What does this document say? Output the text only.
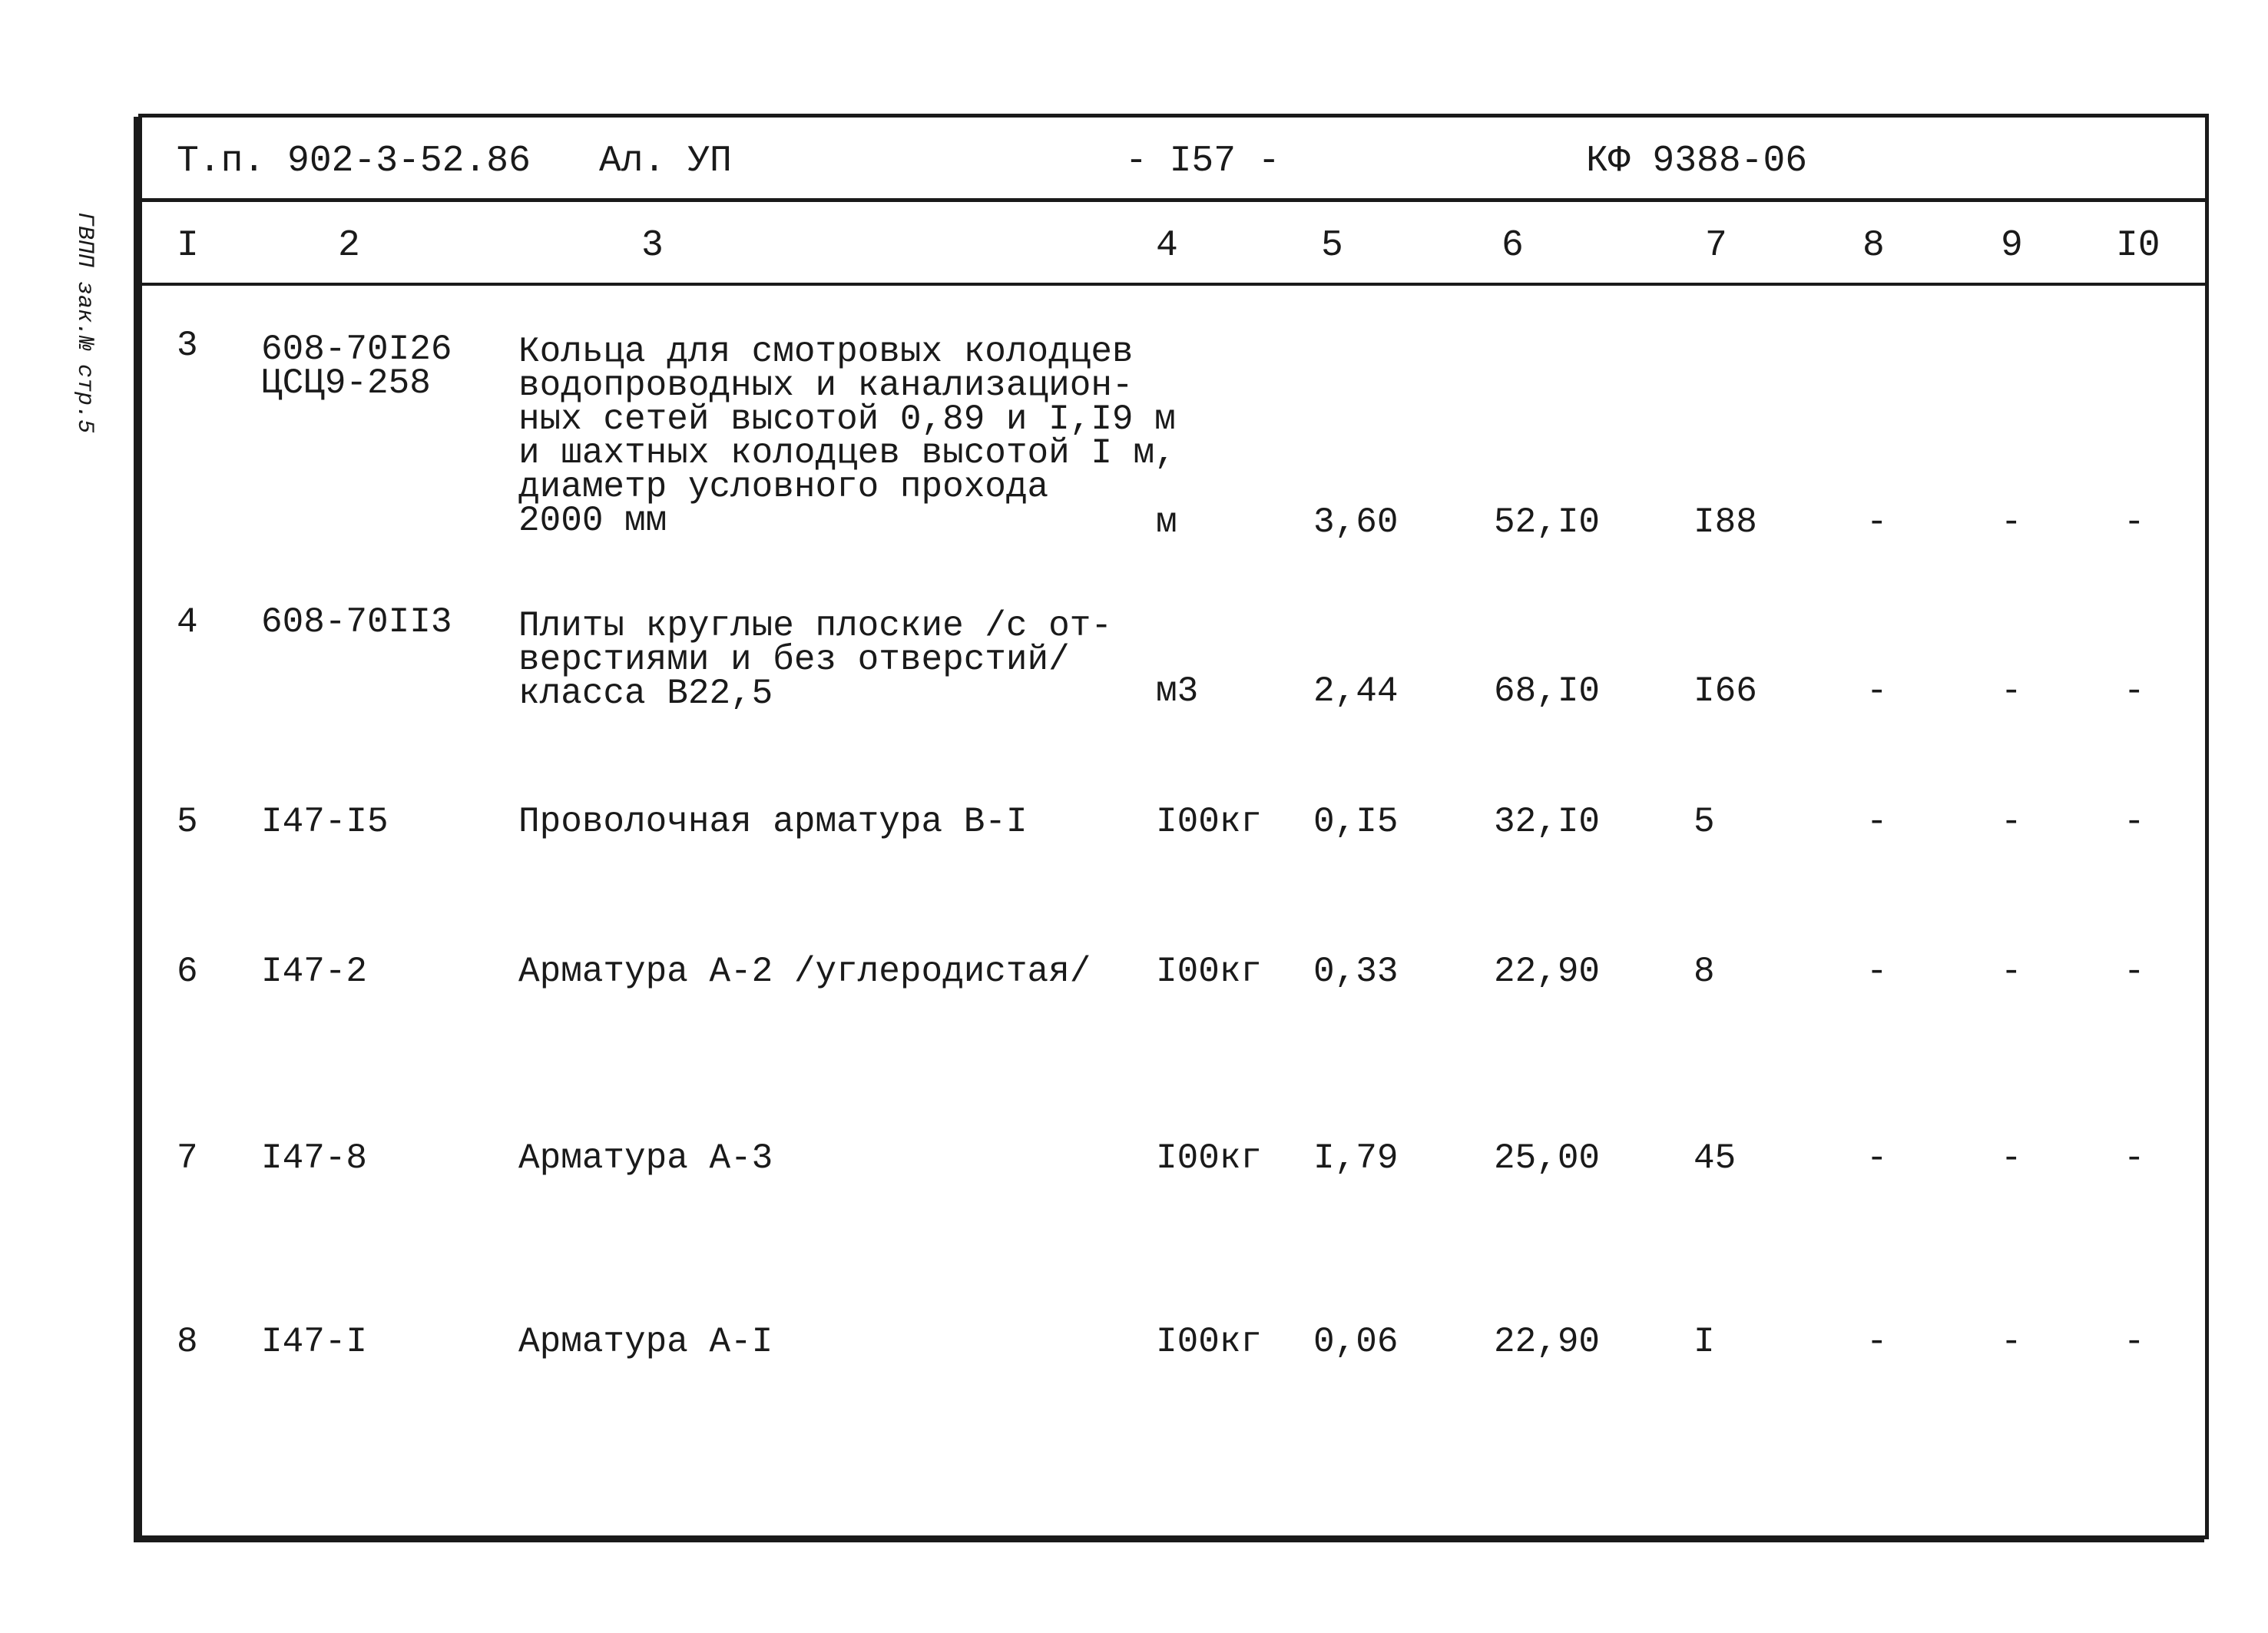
ГВПП зак.№ стр.5
Т.п. 902-3-52.86 Ал. УП	- I57 -	КФ 9388-06
I	2	3	4	5	6	7	8	9	I0
3 608-70I26
ЦСЦ9-258
Кольца для смотровых колодцев
водопроводных и канализацион-
ных сетей высотой 0,89 и I,I9 м
и шахтных колодцев высотой I м,
диаметр условного прохода
2000 мм	м	3,60	52,I0	I88	-	-	-
4 608-70II3 Плиты круглые плоские /с от-
верстиями и без отверстий/
класса B22,5	м3	2,44	68,I0	I66	-	-	-
5 I47-I5	Проволочная арматура В-I	I00кг 0,I5	32,I0	5	-	-	-
6 I47-2	Арматура А-2 /углеродистая/ I00кг 0,33	22,90	8	-	-	-
7 I47-8	Арматура А-3	I00кг I,79	25,00	45	-	-	-
8 I47-I	Арматура А-I	I00кг 0,06	22,90	I	-	-	-
